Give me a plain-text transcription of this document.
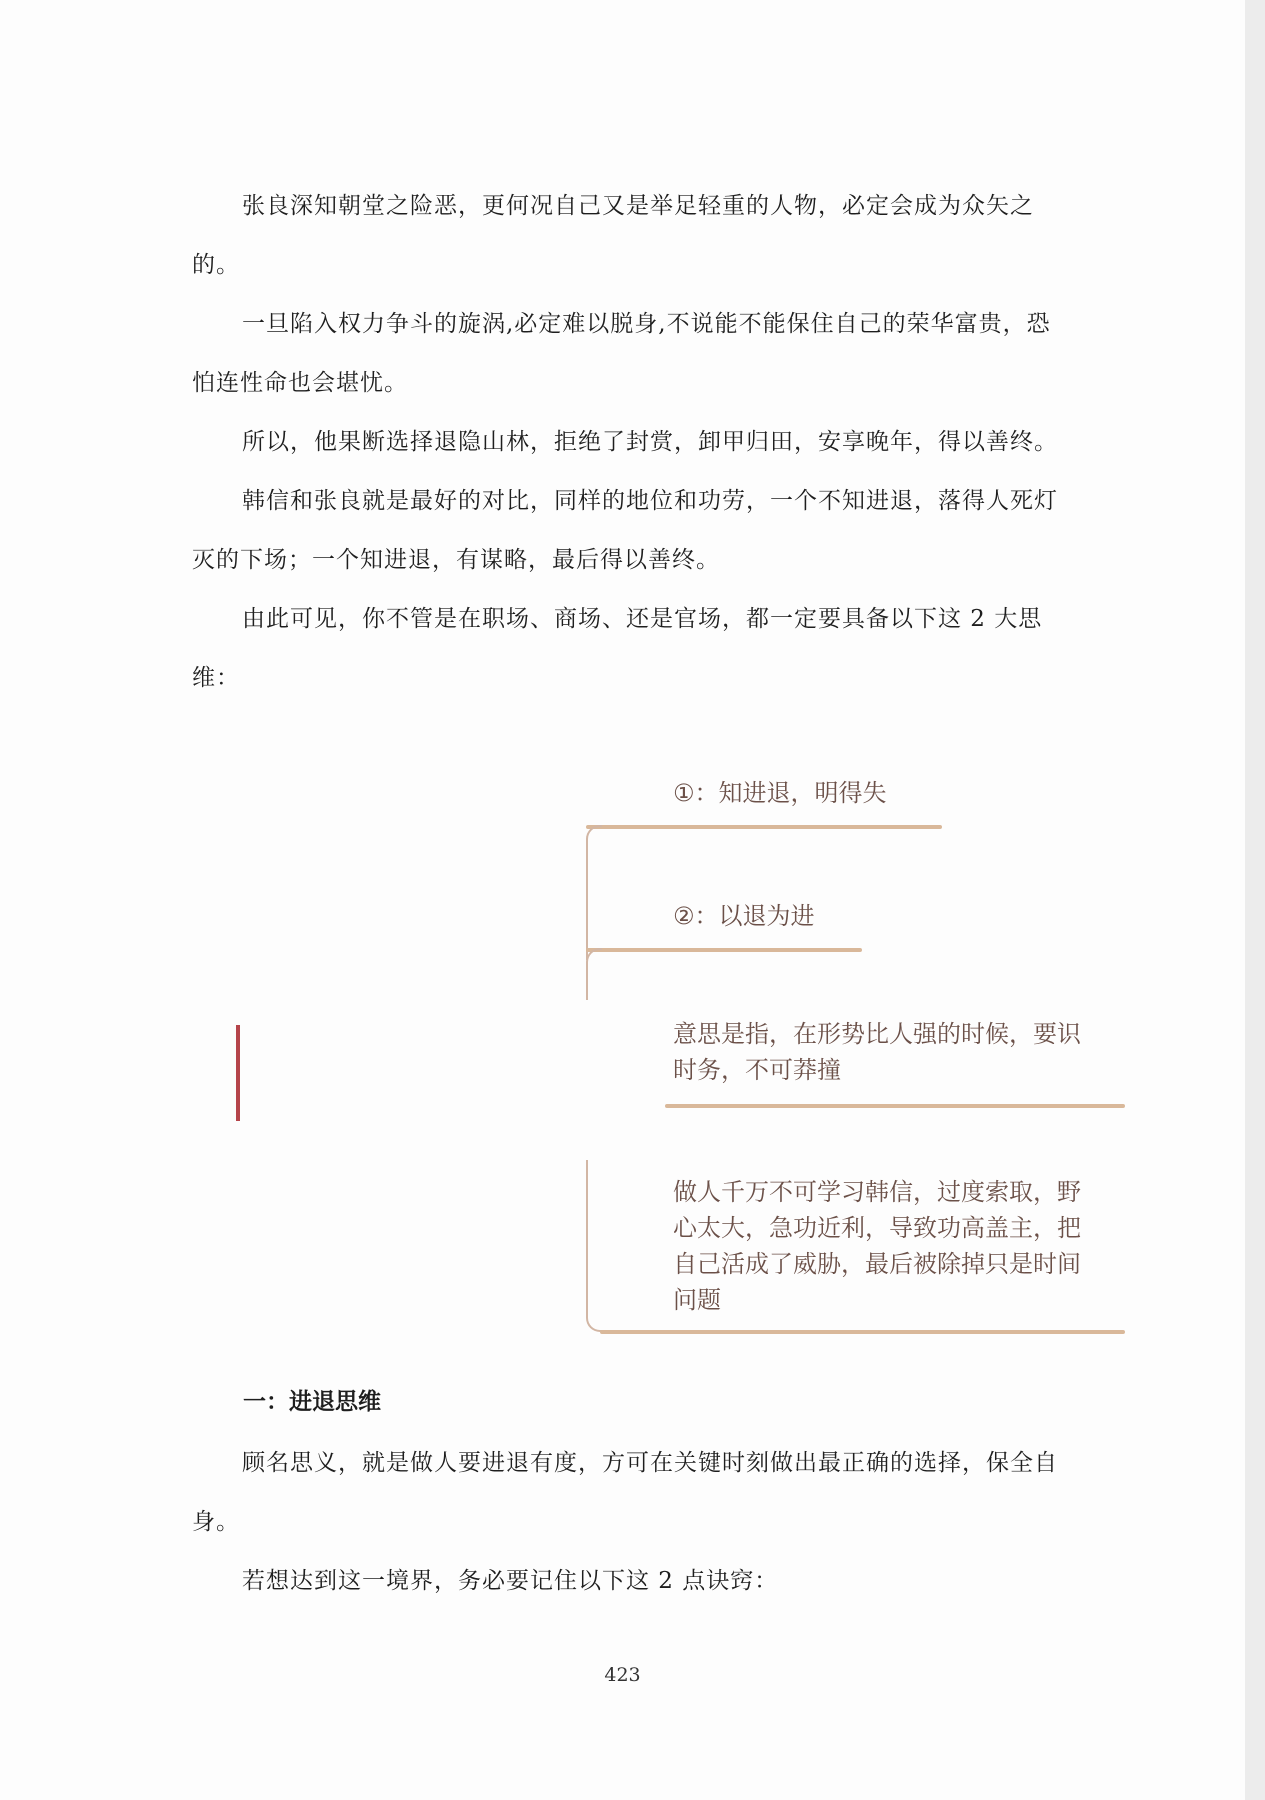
张良深知朝堂之险恶，更何况自己又是举足轻重的人物，必定会成为众矢之的。

一旦陷入权力争斗的旋涡,必定难以脱身,不说能不能保住自己的荣华富贵，恐怕连性命也会堪忧。

所以，他果断选择退隐山林，拒绝了封赏，卸甲归田，安享晚年，得以善终。

韩信和张良就是最好的对比，同样的地位和功劳，一个不知进退，落得人死灯灭的下场；一个知进退，有谋略，最后得以善终。

由此可见，你不管是在职场、商场、还是官场，都一定要具备以下这 2 大思维：

①：知进退，明得失
②：以退为进
意思是指，在形势比人强的时候，要识时务，不可莽撞
做人千万不可学习韩信，过度索取，野心太大，急功近利，导致功高盖主，把自己活成了威胁，最后被除掉只是时间问题
一：进退思维

顾名思义，就是做人要进退有度，方可在关键时刻做出最正确的选择，保全自身。

若想达到这一境界，务必要记住以下这 2 点诀窍：

423
